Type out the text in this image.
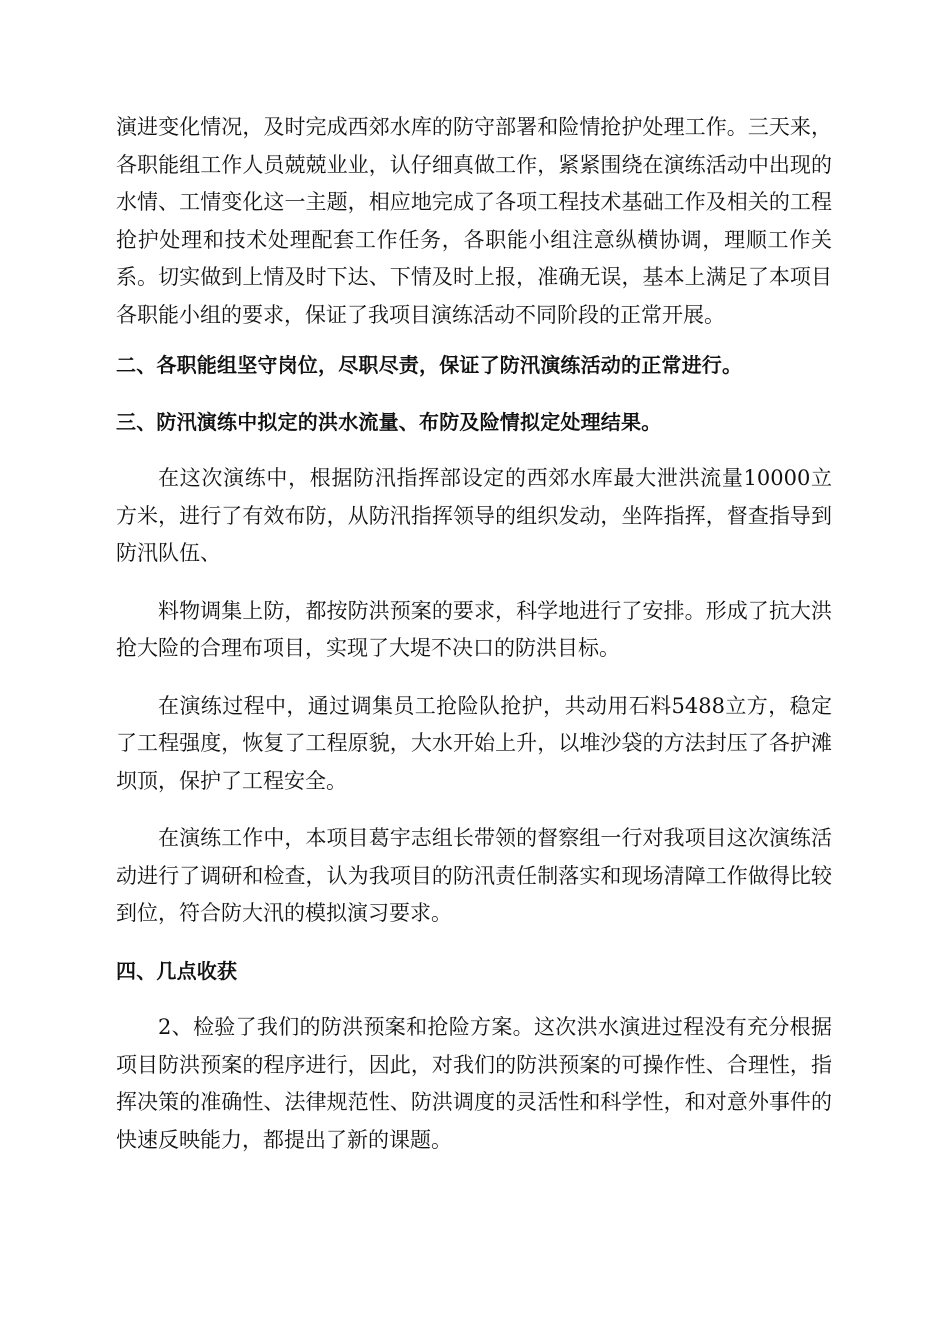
演进变化情况，及时完成西郊水库的防守部署和险情抢护处理工作。三天来，各职能组工作人员兢兢业业，认仔细真做工作，紧紧围绕在演练活动中出现的水情、工情变化这一主题，相应地完成了各项工程技术基础工作及相关的工程抢护处理和技术处理配套工作任务，各职能小组注意纵横协调，理顺工作关系。切实做到上情及时下达、下情及时上报，准确无误，基本上满足了本项目各职能小组的要求，保证了我项目演练活动不同阶段的正常开展。

二、各职能组坚守岗位，尽职尽责，保证了防汛演练活动的正常进行。

三、防汛演练中拟定的洪水流量、布防及险情拟定处理结果。

在这次演练中，根据防汛指挥部设定的西郊水库最大泄洪流量10000立方米，进行了有效布防，从防汛指挥领导的组织发动，坐阵指挥，督查指导到防汛队伍、

料物调集上防，都按防洪预案的要求，科学地进行了安排。形成了抗大洪抢大险的合理布项目，实现了大堤不决口的防洪目标。

在演练过程中，通过调集员工抢险队抢护，共动用石料5488立方，稳定了工程强度，恢复了工程原貌，大水开始上升，以堆沙袋的方法封压了各护滩坝顶，保护了工程安全。

在演练工作中，本项目葛宇志组长带领的督察组一行对我项目这次演练活动进行了调研和检查，认为我项目的防汛责任制落实和现场清障工作做得比较到位，符合防大汛的模拟演习要求。

四、几点收获

2、检验了我们的防洪预案和抢险方案。这次洪水演进过程没有充分根据项目防洪预案的程序进行，因此，对我们的防洪预案的可操作性、合理性，指挥决策的准确性、法律规范性、防洪调度的灵活性和科学性，和对意外事件的快速反映能力，都提出了新的课题。
